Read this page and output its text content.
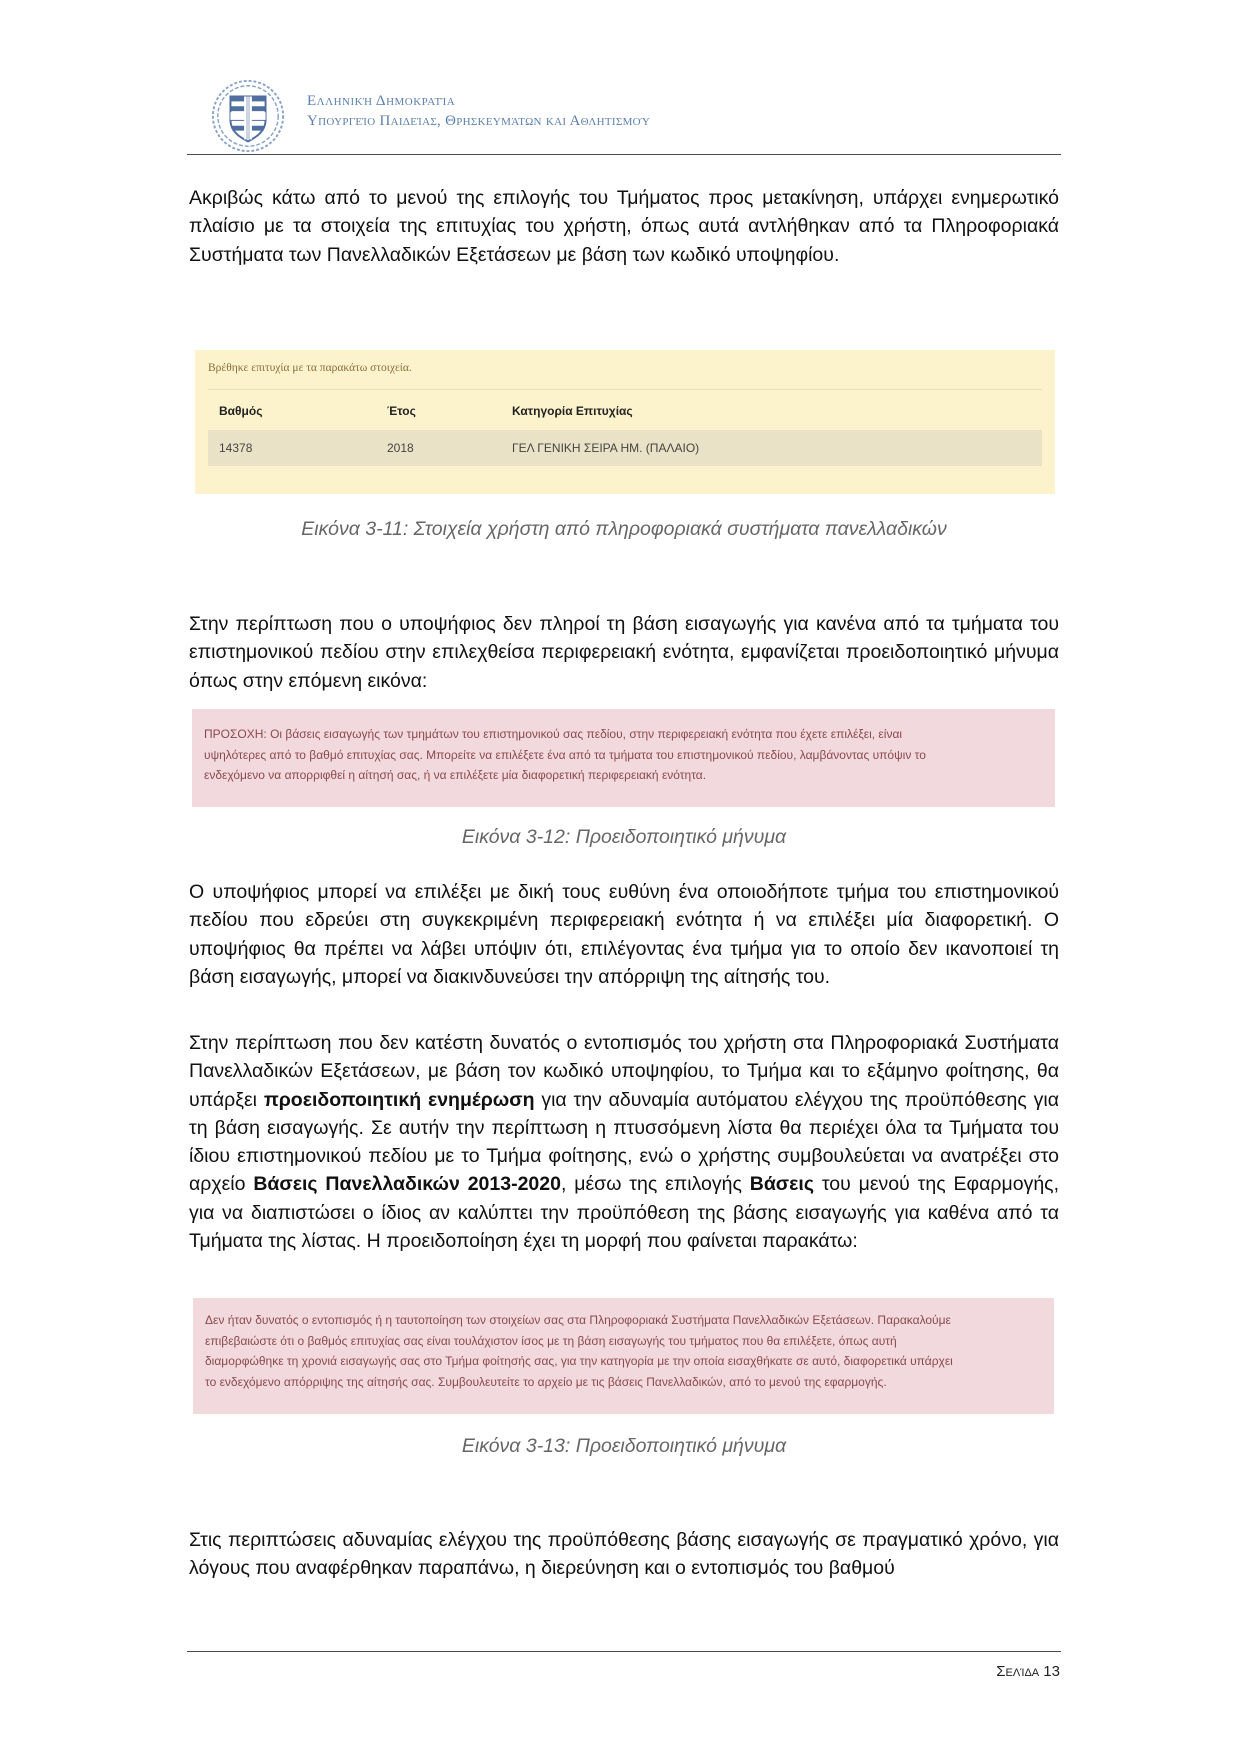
Ελληνική Δημοκρατία
Υπουργείο Παιδείας, Θρησκευμάτων και Αθλητισμού
Ακριβώς κάτω από το μενού της επιλογής του Τμήματος προς μετακίνηση, υπάρχει ενημερωτικό πλαίσιο με τα στοιχεία της επιτυχίας του χρήστη, όπως αυτά αντλήθηκαν από τα Πληροφοριακά Συστήματα των Πανελλαδικών Εξετάσεων με βάση των κωδικό υποψηφίου.
Βρέθηκε επιτυχία με τα παρακάτω στοιχεία.
Βαθμός	Έτος	Κατηγορία Επιτυχίας
14378	2018	ΓΕΛ ΓΕΝΙΚΗ ΣΕΙΡΑ ΗΜ. (ΠΑΛΑΙΟ)
Εικόνα 3-11: Στοιχεία χρήστη από πληροφοριακά συστήματα πανελλαδικών
Στην περίπτωση που ο υποψήφιος δεν πληροί τη βάση εισαγωγής για κανένα από τα τμήματα του επιστημονικού πεδίου στην επιλεχθείσα περιφερειακή ενότητα, εμφανίζεται προειδοποιητικό μήνυμα όπως στην επόμενη εικόνα:
ΠΡΟΣΟΧΗ: Οι βάσεις εισαγωγής των τμημάτων του επιστημονικού σας πεδίου, στην περιφερειακή ενότητα που έχετε επιλέξει, είναι
υψηλότερες από το βαθμό επιτυχίας σας. Μπορείτε να επιλέξετε ένα από τα τμήματα του επιστημονικού πεδίου, λαμβάνοντας υπόψιν το
ενδεχόμενο να απορριφθεί η αίτησή σας, ή να επιλέξετε μία διαφορετική περιφερειακή ενότητα.
Εικόνα 3-12: Προειδοποιητικό μήνυμα
Ο υποψήφιος μπορεί να επιλέξει με δική τους ευθύνη ένα οποιοδήποτε τμήμα του επιστημονικού πεδίου που εδρεύει στη συγκεκριμένη περιφερειακή ενότητα ή να επιλέξει μία διαφορετική. Ο υποψήφιος θα πρέπει να λάβει υπόψιν ότι, επιλέγοντας ένα τμήμα για το οποίο δεν ικανοποιεί τη βάση εισαγωγής, μπορεί να διακινδυνεύσει την απόρριψη της αίτησής του.
Στην περίπτωση που δεν κατέστη δυνατός ο εντοπισμός του χρήστη στα Πληροφοριακά Συστήματα Πανελλαδικών Εξετάσεων, με βάση τον κωδικό υποψηφίου, το Τμήμα και το εξάμηνο φοίτησης, θα υπάρξει προειδοποιητική ενημέρωση για την αδυναμία αυτόματου ελέγχου της προϋπόθεσης για τη βάση εισαγωγής. Σε αυτήν την περίπτωση η πτυσσόμενη λίστα θα περιέχει όλα τα Τμήματα του ίδιου επιστημονικού πεδίου με το Τμήμα φοίτησης, ενώ ο χρήστης συμβουλεύεται να ανατρέξει στο αρχείο Βάσεις Πανελλαδικών 2013-2020, μέσω της επιλογής Βάσεις του μενού της Εφαρμογής, για να διαπιστώσει ο ίδιος αν καλύπτει την προϋπόθεση της βάσης εισαγωγής για καθένα από τα Τμήματα της λίστας. Η προειδοποίηση έχει τη μορφή που φαίνεται παρακάτω:
Δεν ήταν δυνατός ο εντοπισμός ή η ταυτοποίηση των στοιχείων σας στα Πληροφοριακά Συστήματα Πανελλαδικών Εξετάσεων. Παρακαλούμε
επιβεβαιώστε ότι ο βαθμός επιτυχίας σας είναι τουλάχιστον ίσος με τη βάση εισαγωγής του τμήματος που θα επιλέξετε, όπως αυτή
διαμορφώθηκε τη χρονιά εισαγωγής σας στο Τμήμα φοίτησής σας, για την κατηγορία με την οποία εισαχθήκατε σε αυτό, διαφορετικά υπάρχει
το ενδεχόμενο απόρριψης της αίτησής σας. Συμβουλευτείτε το αρχείο με τις βάσεις Πανελλαδικών, από το μενού της εφαρμογής.
Εικόνα 3-13: Προειδοποιητικό μήνυμα
Στις περιπτώσεις αδυναμίας ελέγχου της προϋπόθεσης βάσης εισαγωγής σε πραγματικό χρόνο, για λόγους που αναφέρθηκαν παραπάνω, η διερεύνηση και ο εντοπισμός του βαθμού
Σελίδα 13
